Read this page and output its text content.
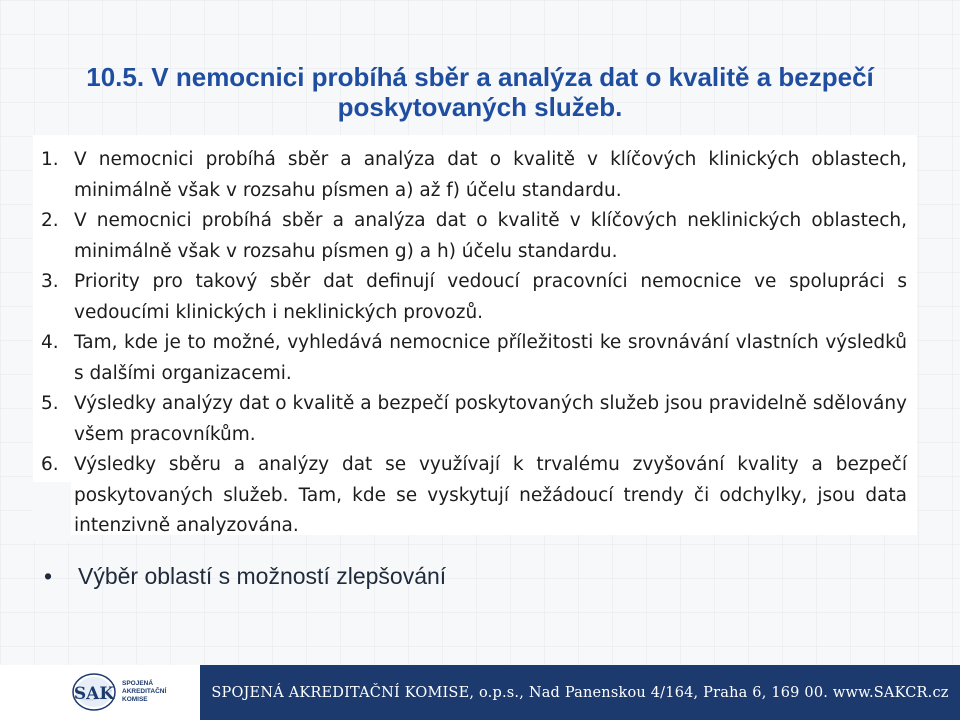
10.5. V nemocnici probíhá sběr a analýza dat o kvalitě a bezpečí
poskytovaných služeb.
1. V nemocnici probíhá sběr a analýza dat o kvalitě v klíčových klinických oblastech, minimálně však v rozsahu písmen a) až f) účelu standardu.
2. V nemocnici probíhá sběr a analýza dat o kvalitě v klíčových neklinických oblastech, minimálně však v rozsahu písmen g) a h) účelu standardu.
3. Priority pro takový sběr dat definují vedoucí pracovníci nemocnice ve spolupráci s vedoucími klinických i neklinických provozů.
4. Tam, kde je to možné, vyhledává nemocnice příležitosti ke srovnávání vlastních výsledků s dalšími organizacemi.
5. Výsledky analýzy dat o kvalitě a bezpečí poskytovaných služeb jsou pravidelně sdělovány všem pracovníkům.
6. Výsledky sběru a analýzy dat se využívají k trvalému zvyšování kvality a bezpečí poskytovaných služeb. Tam, kde se vyskytují nežádoucí trendy či odchylky, jsou data intenzivně analyzována.
• Výběr oblastí s možností zlepšování
SAK
SPOJENÁ
AKREDITAČNÍ
KOMISE	SPOJENÁ AKREDITAČNÍ KOMISE, o.p.s., Nad Panenskou 4/164, Praha 6, 169 00. www.SAKCR.cz
